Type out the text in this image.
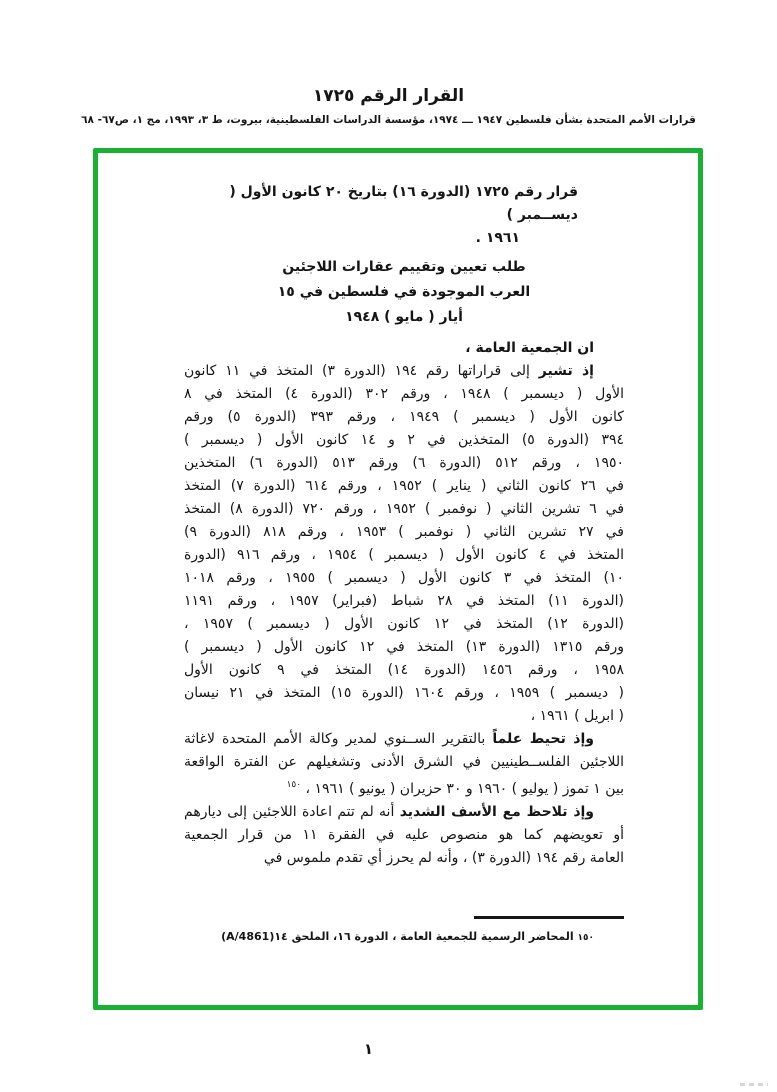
القرار الرقم ١٧٢٥
قرارات الأمم المتحدة بشأن فلسطين ١٩٤٧ ـــ ١٩٧٤، مؤسسة الدراسات الفلسطينية، بيروت، ط ٣، ١٩٩٣، مج ١، ص٦٧- ٦٨
قرار رقم ١٧٢٥ (الدورة ١٦) بتاريخ ٢٠ كانون الأول ( ديســمبر )
١٩٦١ .
طلب تعيين وتقييم عقارات اللاجئين
العرب الموجودة في فلسطين في ١٥
أيار ( مايو ) ١٩٤٨
ان الجمعية العامة ،
إذ تشير إلى قراراتها رقم ١٩٤ (الدورة ٣) المتخذ في ١١ كانون
الأول ( ديسمبر ) ١٩٤٨ ، ورقم ٣٠٢ (الدورة ٤) المتخذ في ٨
كانون الأول ( ديسمبر ) ١٩٤٩ ، ورقم ٣٩٣ (الدورة ٥) ورقم
٣٩٤ (الدورة ٥) المتخذين في ٢ و ١٤ كانون الأول ( ديسمبر )
١٩٥٠ ، ورقم ٥١٢ (الدورة ٦) ورقم ٥١٣ (الدورة ٦) المتخذين
في ٢٦ كانون الثاني ( يناير ) ١٩٥٢ ، ورقم ٦١٤ (الدورة ٧) المتخذ
في ٦ تشرين الثاني ( نوفمبر ) ١٩٥٢ ، ورقم ٧٢٠ (الدورة ٨) المتخذ
في ٢٧ تشرين الثاني ( نوفمبر ) ١٩٥٣ ، ورقم ٨١٨ (الدورة ٩)
المتخذ في ٤ كانون الأول ( ديسمبر ) ١٩٥٤ ، ورقم ٩١٦ (الدورة
١٠) المتخذ في ٣ كانون الأول ( ديسمبر ) ١٩٥٥ ، ورقم ١٠١٨
(الدورة ١١) المتخذ في ٢٨ شباط (فبراير) ١٩٥٧ ، ورقم ١١٩١
(الدورة ١٢) المتخذ في ١٢ كانون الأول ( ديسمبر ) ١٩٥٧ ،
ورقم ١٣١٥ (الدورة ١٣) المتخذ في ١٢ كانون الأول ( ديسمبر )
١٩٥٨ ، ورقم ١٤٥٦ (الدورة ١٤) المتخذ في ٩ كانون الأول
( ديسمبر ) ١٩٥٩ ، ورقم ١٦٠٤ (الدورة ١٥) المتخذ في ٢١ نيسان
( ابريل ) ١٩٦١ ،
وإذ تحيط علماً بالتقرير الســنوي لمدير وكالة الأمم المتحدة لاغاثة
اللاجئين الفلســطينيين في الشرق الأدنى وتشغيلهم عن الفترة الواقعة
بين ١ تموز ( يوليو ) ١٩٦٠ و ٣٠ حزيران ( يونيو ) ١٩٦١ ، $^{١٥٠}$
وإذ تلاحظ مع الأسف الشديد أنه لم تتم اعادة اللاجئين إلى ديارهم
أو تعويضهم كما هو منصوص عليه في الفقرة ١١ من قرار الجمعية
العامة رقم ١٩٤ (الدورة ٣) ، وأنه لم يحرز أي تقدم ملموس في
١٥٠ المحاضر الرسمية للجمعية العامة ، الدورة ١٦، الملحق ١٤(A/4861)
١
